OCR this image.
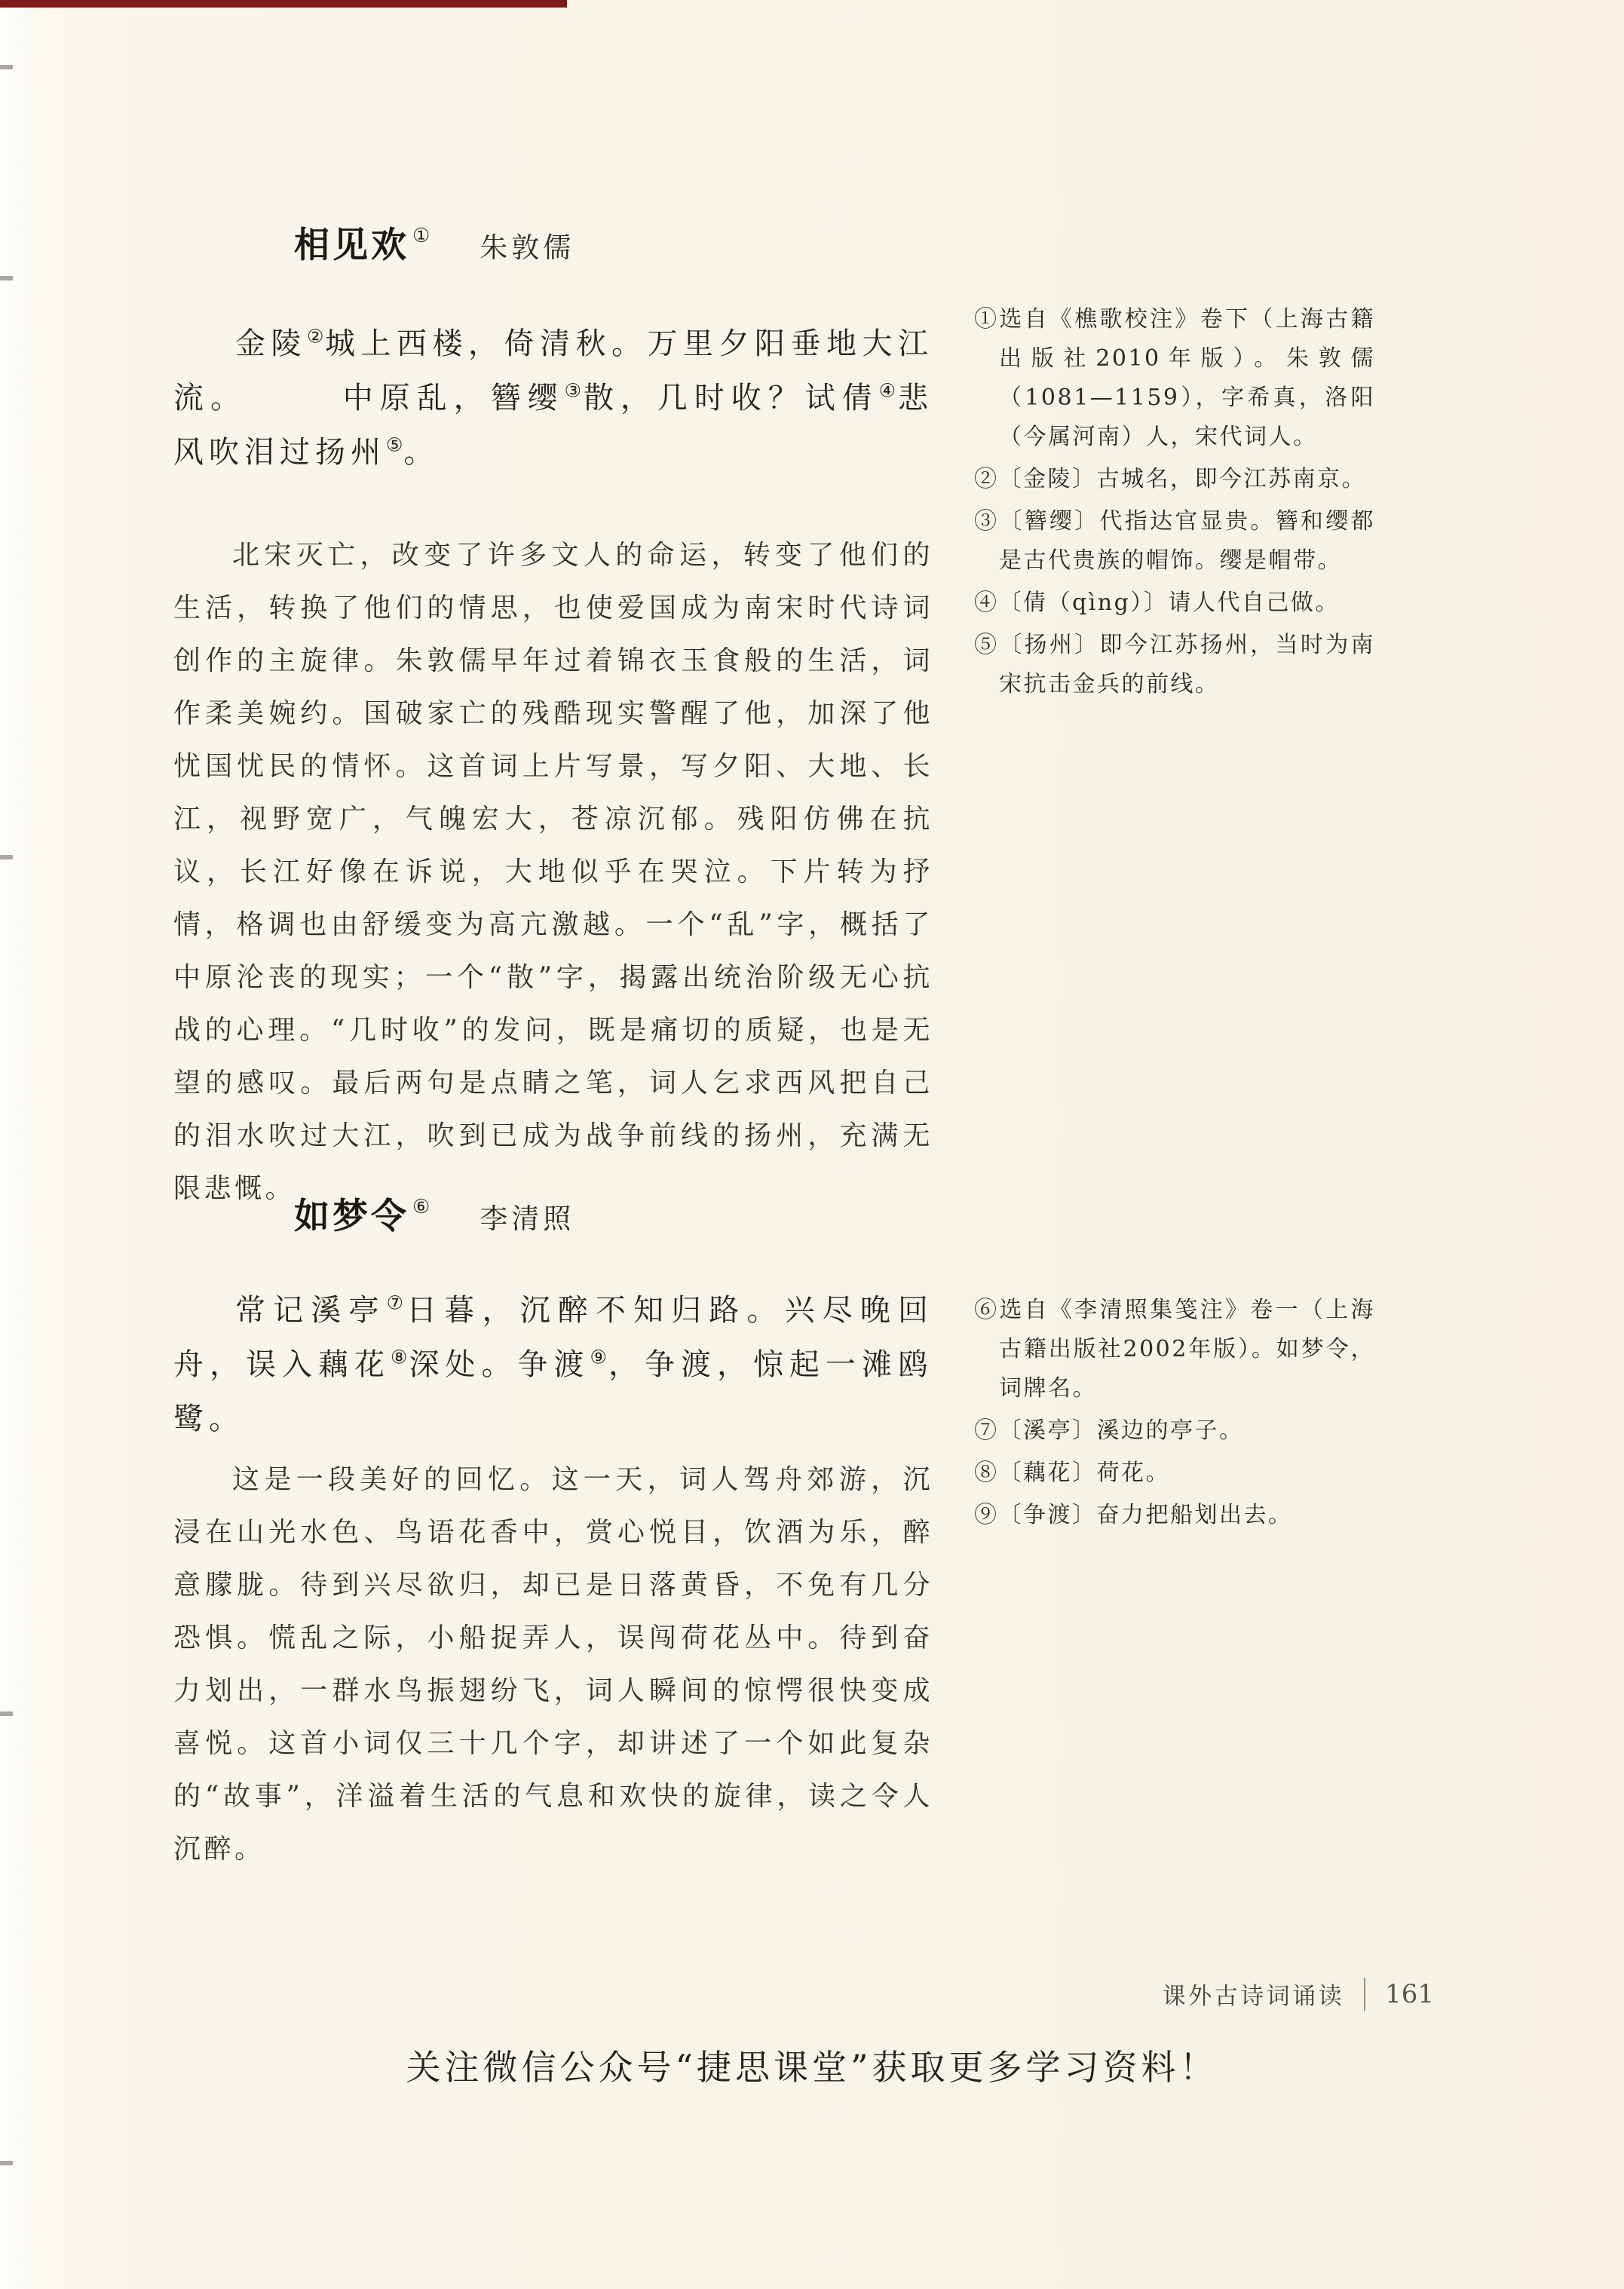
相见欢 ① 朱敦儒

金陵②城上西楼，倚清秋。万里夕阳垂地大江流。　　　中原乱，簪缨③散，几时收？试倩④悲风吹泪过扬州⑤。

北宋灭亡，改变了许多文人的命运，转变了他们的生活，转换了他们的情思，也使爱国成为南宋时代诗词创作的主旋律。朱敦儒早年过着锦衣玉食般的生活，词作柔美婉约。国破家亡的残酷现实警醒了他，加深了他忧国忧民的情怀。这首词上片写景，写夕阳、大地、长江，视野宽广，气魄宏大，苍凉沉郁。残阳仿佛在抗议，长江好像在诉说，大地似乎在哭泣。下片转为抒情，格调也由舒缓变为高亢激越。一个“乱”字，概括了中原沦丧的现实；一个“散”字，揭露出统治阶级无心抗战的心理。“几时收”的发问，既是痛切的质疑，也是无望的感叹。最后两句是点睛之笔，词人乞求西风把自己的泪水吹过大江，吹到已成为战争前线的扬州，充满无限悲慨。

①选自《樵歌校注》卷下（上海古籍出版社2010年版）。朱敦儒（1081—1159），字希真，洛阳（今属河南）人，宋代词人。
②〔金陵〕古城名，即今江苏南京。
③〔簪缨〕代指达官显贵。簪和缨都是古代贵族的帽饰。缨是帽带。
④〔倩（qìng）〕请人代自己做。
⑤〔扬州〕即今江苏扬州，当时为南宋抗击金兵的前线。
如梦令 ⑥ 李清照

常记溪亭⑦日暮，沉醉不知归路。兴尽晚回舟，误入藕花⑧深处。争渡⑨，争渡，惊起一滩鸥鹭。

这是一段美好的回忆。这一天，词人驾舟郊游，沉浸在山光水色、鸟语花香中，赏心悦目，饮酒为乐，醉意朦胧。待到兴尽欲归，却已是日落黄昏，不免有几分恐惧。慌乱之际，小船捉弄人，误闯荷花丛中。待到奋力划出，一群水鸟振翅纷飞，词人瞬间的惊愕很快变成喜悦。这首小词仅三十几个字，却讲述了一个如此复杂的“故事”，洋溢着生活的气息和欢快的旋律，读之令人沉醉。

⑥选自《李清照集笺注》卷一（上海古籍出版社2002年版）。如梦令，词牌名。
⑦〔溪亭〕溪边的亭子。
⑧〔藕花〕荷花。
⑨〔争渡〕奋力把船划出去。
课外古诗词诵读 161
关注微信公众号“捷思课堂”获取更多学习资料！
